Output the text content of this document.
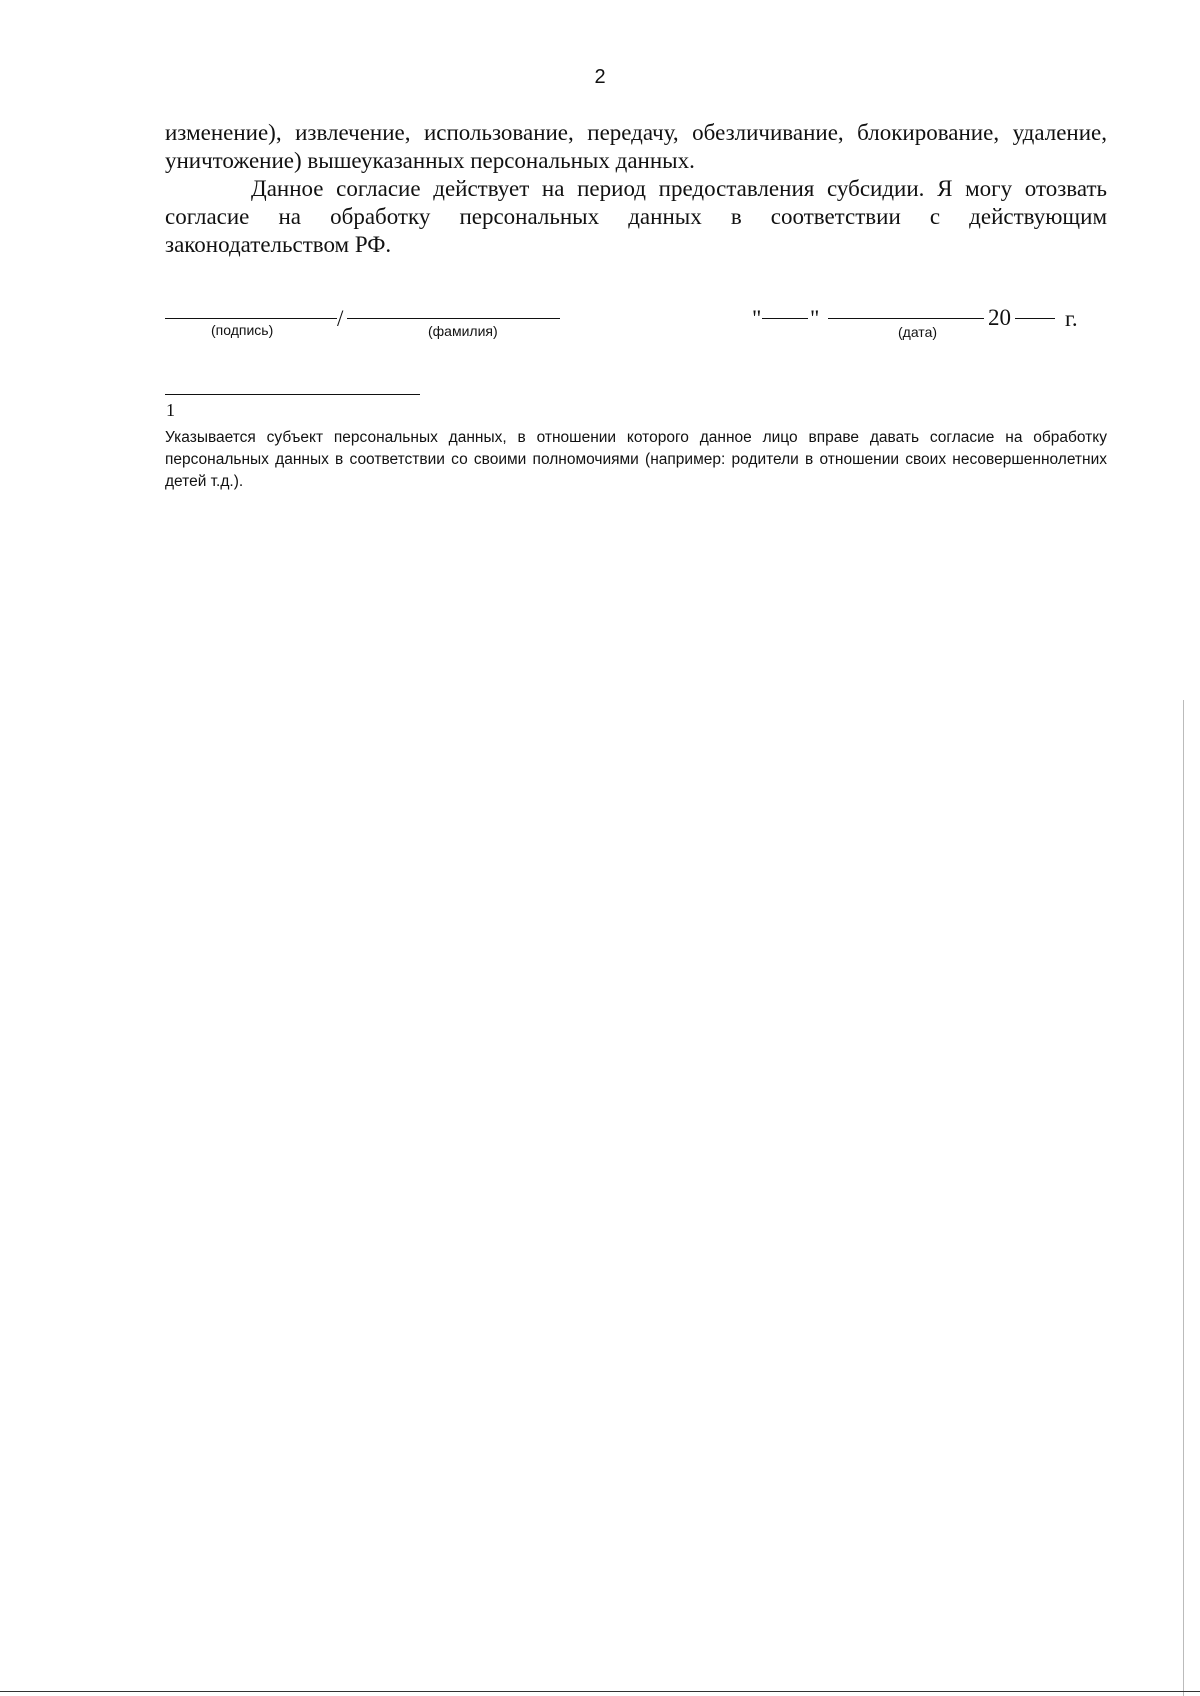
2

изменение), извлечение, использование, передачу, обезличивание, блокирование, удаление, уничтожение) вышеуказанных персональных данных.

Данное согласие действует на период предоставления субсидии. Я могу отозвать согласие на обработку персональных данных в соответствии с действующим законодательством РФ.

/
(подпись)	(фамилия)	" "	20 г.
(дата)
1

Указывается субъект персональных данных, в отношении которого данное лицо вправе давать согласие на обработку персональных данных в соответствии со своими полномочиями (например: родители в отношении своих несовершеннолетних детей т.д.).
